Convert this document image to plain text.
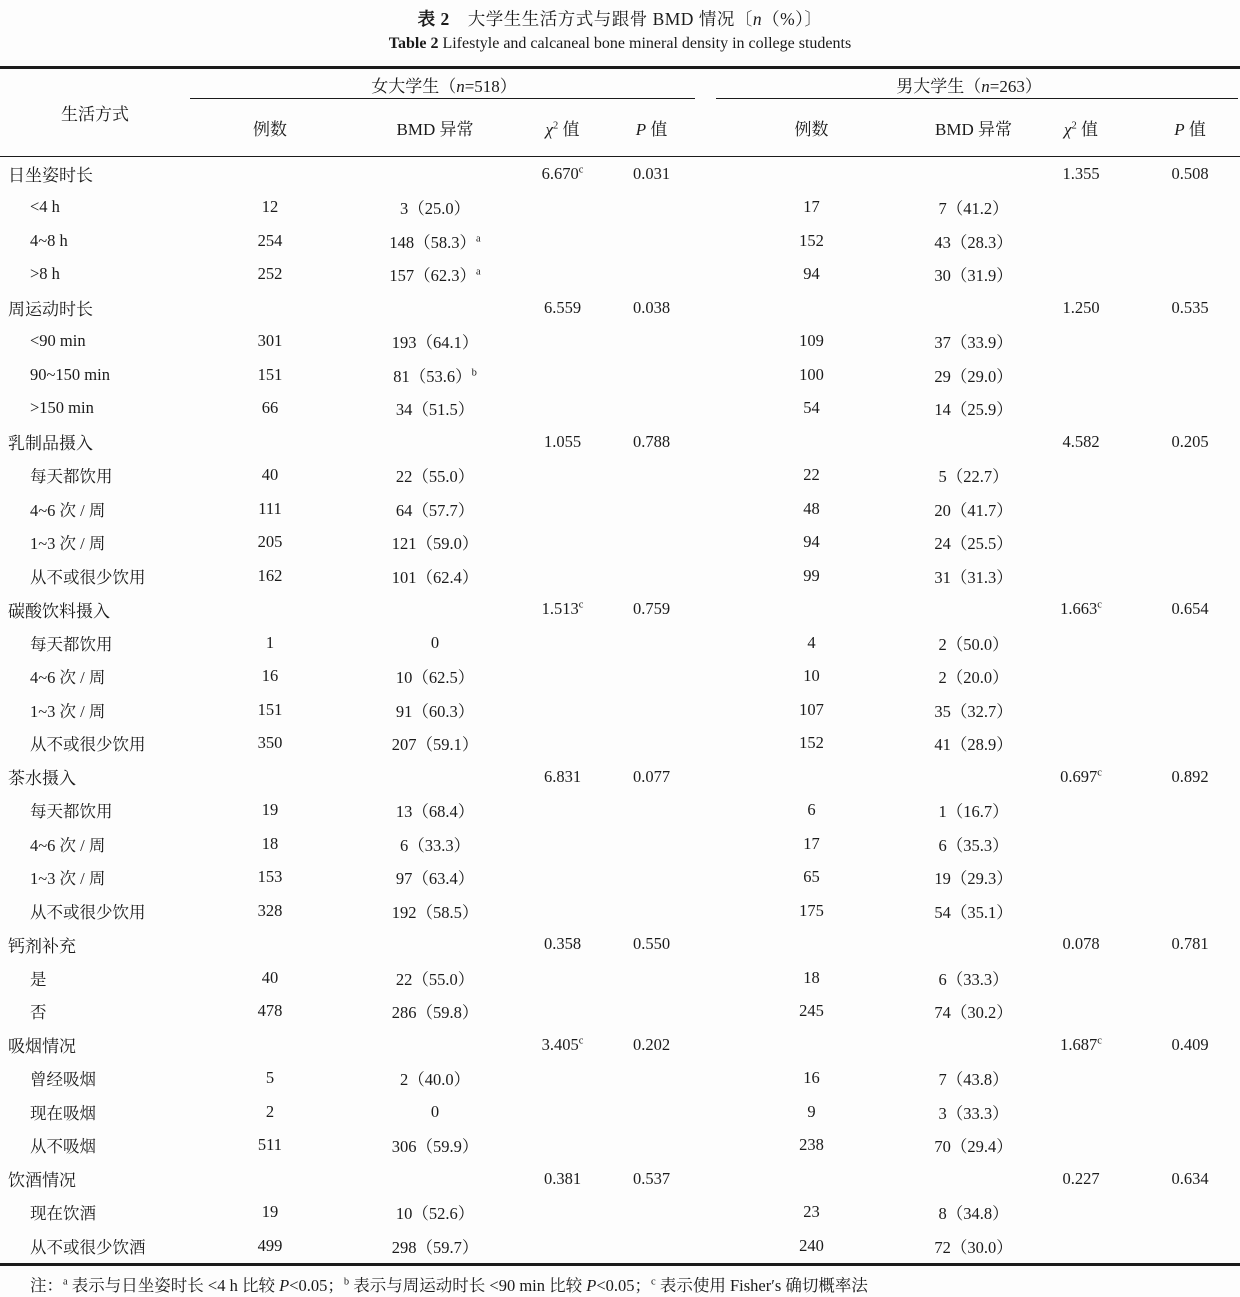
表 2　大学生生活方式与跟骨 BMD 情况〔n（%）〕
Table 2 Lifestyle and calcaneal bone mineral density in college students
生活方式	女大学生（n=518）				男大学生（n=263）			
	例数	BMD 异常	$\chi^2$ 值	P 值	例数	BMD 异常	$\chi^2$ 值	P 值
日坐姿时长			6.670$^c$	0.031			1.355	0.508
<4 h	12	3（25.0）			17	7（41.2）		
4~8 h	254	$148(58.3)^a$			152	43（28.3）		
>8 h	252	$157(62.3)^a$			94	30（31.9）		
周运动时长			6.559	0.038			1.250	0.535
<90 min	301	193（64.1）			109	37（33.9）		
90~150 min	151	$81(53.6)^b$			100	29（29.0）		
>150 min	66	34（51.5）			54	14（25.9）		
乳制品摄入			1.055	0.788			4.582	0.205
每天都饮用	40	22（55.0）			22	5（22.7）		
4~6 次 / 周	111	64（57.7）			48	20（41.7）		
1~3 次 / 周	205	121（59.0）			94	24（25.5）		
从不或很少饮用	162	101（62.4）			99	31（31.3）		
碳酸饮料摄入			1.513$^c$	0.759			1.663$^c$	0.654
每天都饮用	1	0			4	2（50.0）		
4~6 次 / 周	16	10（62.5）			10	2（20.0）		
1~3 次 / 周	151	91（60.3）			107	35（32.7）		
从不或很少饮用	350	207（59.1）			152	41（28.9）		
茶水摄入			6.831	0.077			0.697$^c$	0.892
每天都饮用	19	13（68.4）			6	1（16.7）		
4~6 次 / 周	18	6（33.3）			17	6（35.3）		
1~3 次 / 周	153	97（63.4）			65	19（29.3）		
从不或很少饮用	328	192（58.5）			175	54（35.1）		
钙剂补充			0.358	0.550			0.078	0.781
是	40	22（55.0）			18	6（33.3）		
否	478	286（59.8）			245	74（30.2）		
吸烟情况			3.405$^c$	0.202			1.687$^c$	0.409
曾经吸烟	5	2（40.0）			16	7（43.8）		
现在吸烟	2	0			9	3（33.3）		
从不吸烟	511	306（59.9）			238	70（29.4）		
饮酒情况			0.381	0.537			0.227	0.634
现在饮酒	19	10（52.6）			23	8（34.8）		
从不或很少饮酒	499	298（59.7）			240	72（30.0）		
注：$^a$ 表示与日坐姿时长 <4 h 比较 P<0.05；$^b$ 表示与周运动时长 <90 min 比较 P<0.05；$^c$ 表示使用 Fisher′s 确切概率法
